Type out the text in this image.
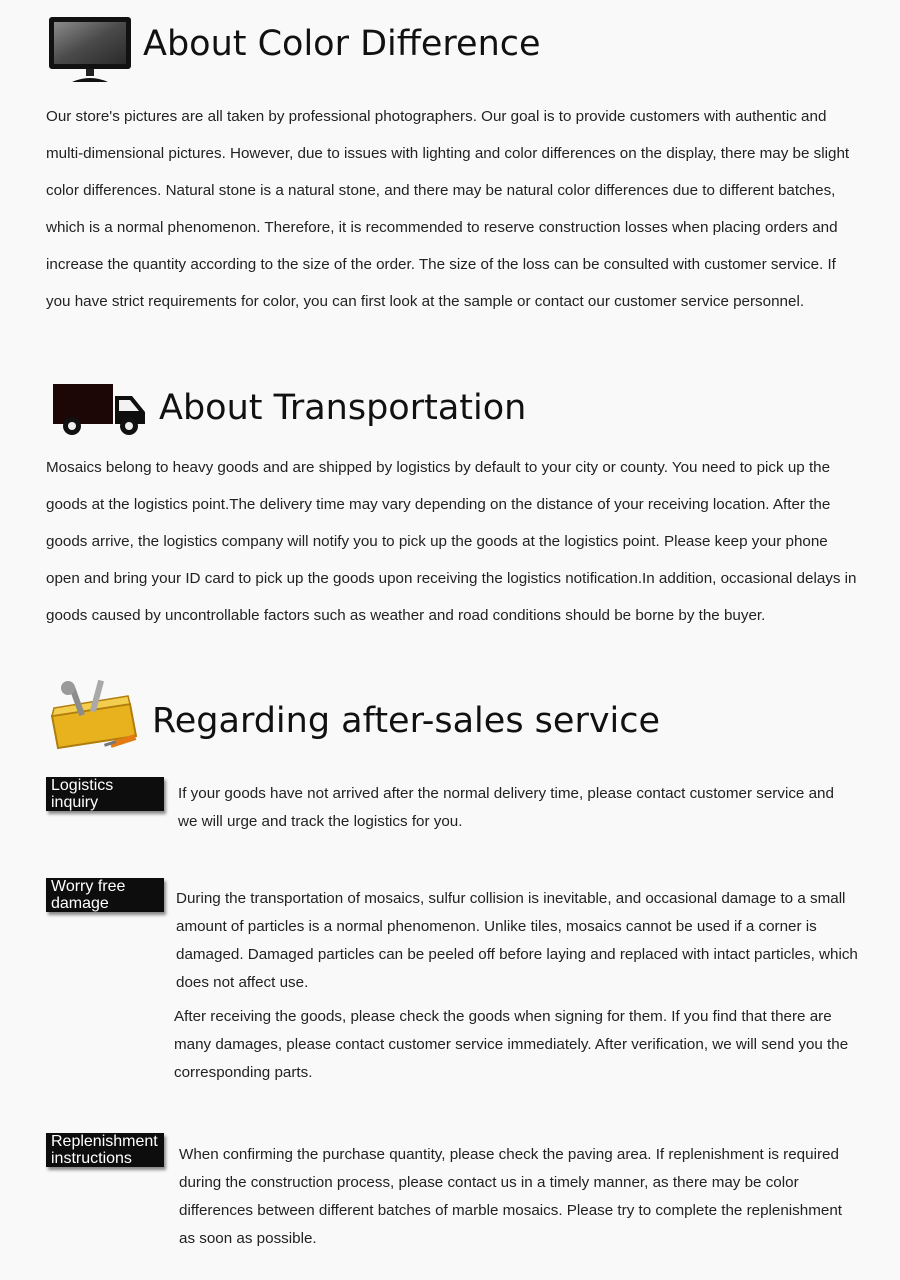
About Color Difference

Our store's pictures are all taken by professional photographers. Our goal is to provide customers with authentic and multi-dimensional pictures. However, due to issues with lighting and color differences on the display, there may be slight color differences. Natural stone is a natural stone, and there may be natural color differences due to different batches, which is a normal phenomenon. Therefore, it is recommended to reserve construction losses when placing orders and increase the quantity according to the size of the order. The size of the loss can be consulted with customer service. If you have strict requirements for color, you can first look at the sample or contact our customer service personnel.

About Transportation

Mosaics belong to heavy goods and are shipped by logistics by default to your city or county. You need to pick up the goods at the logistics point.The delivery time may vary depending on the distance of your receiving location. After the goods arrive, the logistics company will notify you to pick up the goods at the logistics point. Please keep your phone open and bring your ID card to pick up the goods upon receiving the logistics notification.In addition, occasional delays in goods caused by uncontrollable factors such as weather and road conditions should be borne by the buyer.

Regarding after-sales service
Logistics inquiry	If your goods have not arrived after the normal delivery time, please contact customer service and we will urge and track the logistics for you.

Worry free damage	During the transportation of mosaics, sulfur collision is inevitable, and occasional damage to a small amount of particles is a normal phenomenon. Unlike tiles, mosaics cannot be used if a corner is damaged. Damaged particles can be peeled off before laying and replaced with intact particles, which does not affect use.

After receiving the goods, please check the goods when signing for them. If you find that there are many damages, please contact customer service immediately. After verification, we will send you the corresponding parts.

Replenishment instructions	When confirming the purchase quantity, please check the paving area. If replenishment is required during the construction process, please contact us in a timely manner, as there may be color differences between different batches of marble mosaics. Please try to complete the replenishment as soon as possible.
